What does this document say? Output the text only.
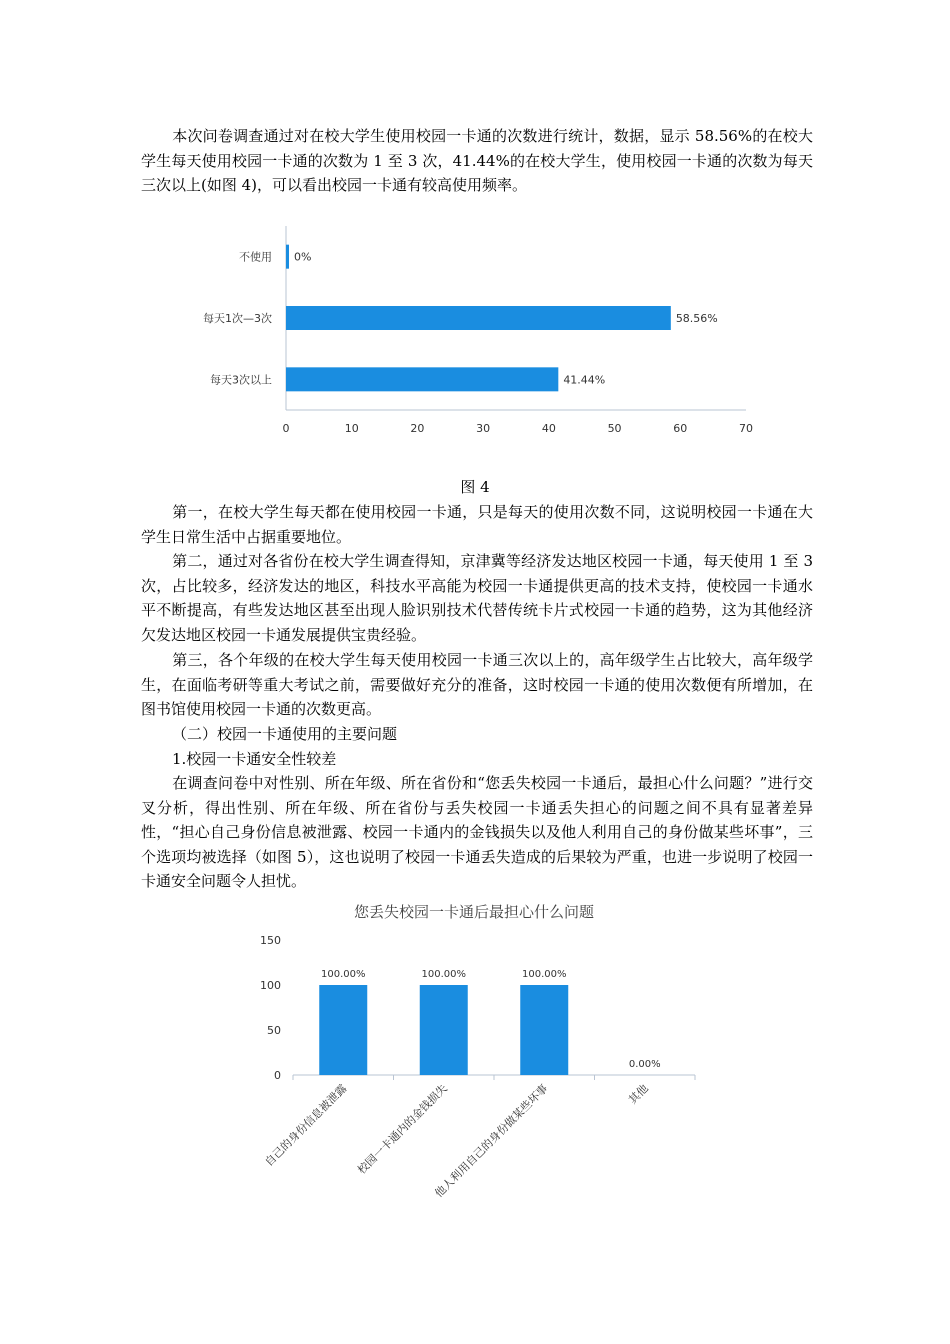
本次问卷调查通过对在校大学生使用校园一卡通的次数进行统计，数据，显示 58.56%的在校大学生每天使用校园一卡通的次数为 1 至 3 次，41.44%的在校大学生，使用校园一卡通的次数为每天三次以上(如图 4)，可以看出校园一卡通有较高使用频率。

0	10	20	30	40	50	60	70
不使用 0%
每天1次—3次	58.56%
每天3次以上	41.44%
图 4

第一，在校大学生每天都在使用校园一卡通，只是每天的使用次数不同，这说明校园一卡通在大学生日常生活中占据重要地位。

第二，通过对各省份在校大学生调查得知，京津冀等经济发达地区校园一卡通，每天使用 1 至 3 次，占比较多，经济发达的地区，科技水平高能为校园一卡通提供更高的技术支持，使校园一卡通水平不断提高，有些发达地区甚至出现人脸识别技术代替传统卡片式校园一卡通的趋势，这为其他经济欠发达地区校园一卡通发展提供宝贵经验。

第三，各个年级的在校大学生每天使用校园一卡通三次以上的，高年级学生占比较大，高年级学生，在面临考研等重大考试之前，需要做好充分的准备，这时校园一卡通的使用次数便有所增加，在图书馆使用校园一卡通的次数更高。

（二）校园一卡通使用的主要问题

1.校园一卡通安全性较差

在调查问卷中对性别、所在年级、所在省份和“您丢失校园一卡通后，最担心什么问题？”进行交叉分析，得出性别、所在年级、所在省份与丢失校园一卡通丢失担心的问题之间不具有显著差异性，“担心自己身份信息被泄露、校园一卡通内的金钱损失以及他人利用自己的身份做某些坏事”，三个选项均被选择（如图 5），这也说明了校园一卡通丢失造成的后果较为严重，也进一步说明了校园一卡通安全问题令人担忧。

您丢失校园一卡通后最担心什么问题
0
50
100
150
100.00%
自己的身份信息被泄露
100.00%
校园一卡通内的金钱损失
100.00%
他人利用自己的身份做某些坏事
0.00%
其他
